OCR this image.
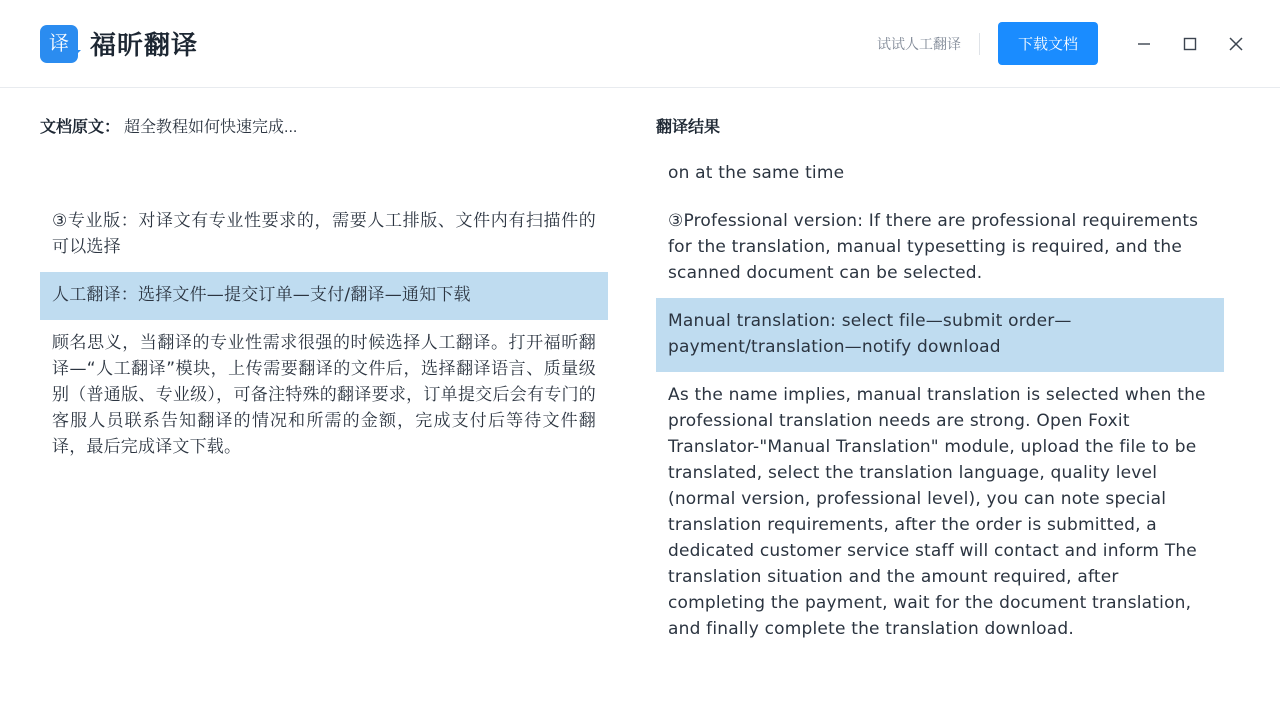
译 福昕翻译	试试人工翻译	下载文档
文档原文： 超全教程如何快速完成...
③专业版：对译文有专业性要求的，需要人工排版、文件内有扫描件的可以选择
人工翻译：选择文件—提交订单—支付/翻译—通知下载
顾名思义，当翻译的专业性需求很强的时候选择人工翻译。打开福昕翻译—“人工翻译”模块，上传需要翻译的文件后，选择翻译语言、质量级别（普通版、专业级），可备注特殊的翻译要求，订单提交后会有专门的客服人员联系告知翻译的情况和所需的金额，完成支付后等待文件翻译，最后完成译文下载。
翻译结果
on at the same time
③Professional version: If there are professional requirements for the translation, manual typesetting is required, and the scanned document can be selected.
Manual translation: select file—submit order—payment/translation—notify download
As the name implies, manual translation is selected when the professional translation needs are strong. Open Foxit Translator-"Manual Translation" module, upload the file to be translated, select the translation language, quality level (normal version, professional level), you can note special translation requirements, after the order is submitted, a dedicated customer service staff will contact and inform The translation situation and the amount required, after completing the payment, wait for the document translation, and finally complete the translation download.
